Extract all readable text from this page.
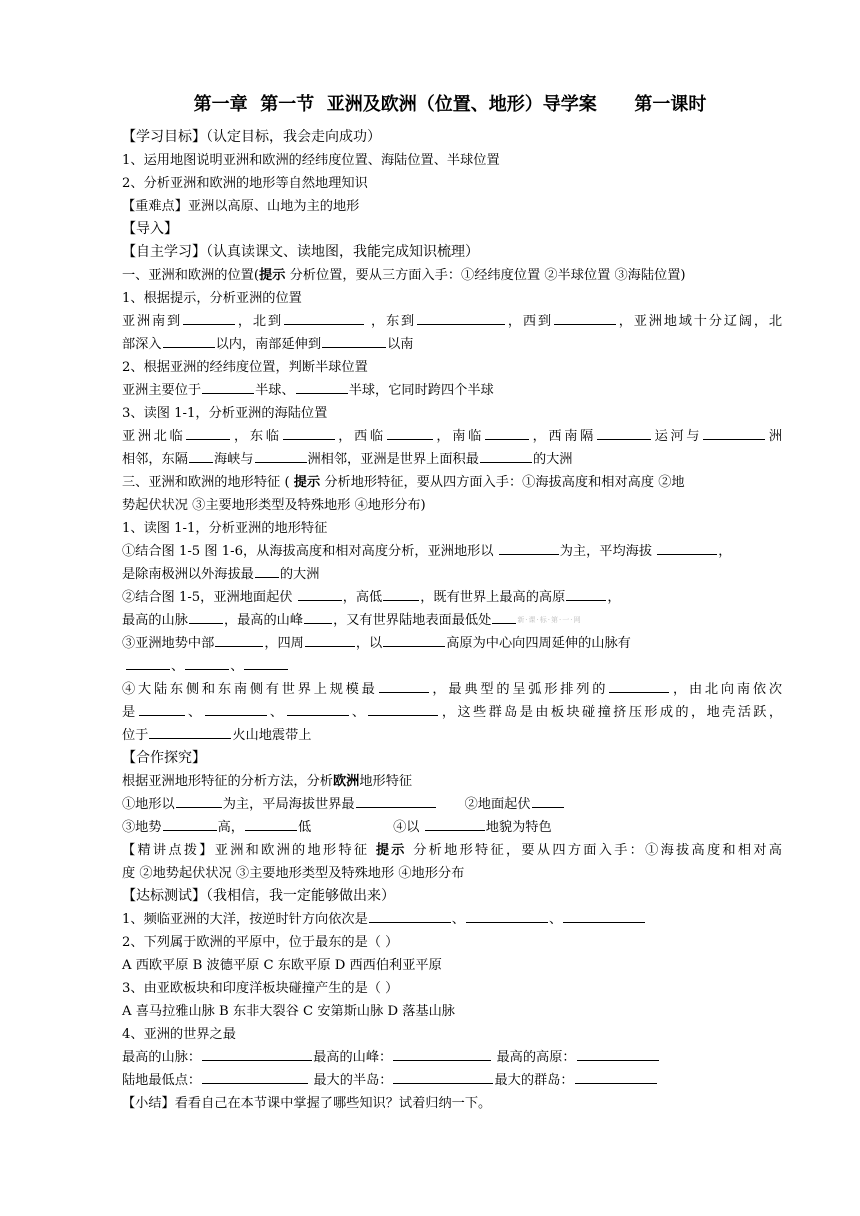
第一章  第一节  亚洲及欧洲（位置、地形）导学案      第一课时
【学习目标】（认定目标，我会走向成功）
1、运用地图说明亚洲和欧洲的经纬度位置、海陆位置、半球位置
2、分析亚洲和欧洲的地形等自然地理知识
【重难点】亚洲以高原、山地为主的地形
【导入】
【自主学习】（认真读课文、读地图，我能完成知识梳理）
一、亚洲和欧洲的位置(提示 分析位置，要从三方面入手：①经纬度位置 ②半球位置 ③海陆位置)
1、根据提示，分析亚洲的位置
亚洲南到	，北到	，东到	，西到	，亚洲地域十分辽阔，北
部深入	以内，南部延伸到	以南
2、根据亚洲的经纬度位置，判断半球位置
亚洲主要位于	半球、	半球，它同时跨四个半球
3、读图 1-1，分析亚洲的海陆位置
亚洲北临	，东临	，西临	，南临	，西南隔	运河与	洲
相邻，东隔 海峡与	洲相邻，亚洲是世界上面积最	的大洲
三、亚洲和欧洲的地形特征 ( 提示 分析地形特征，要从四方面入手：①海拔高度和相对高度 ②地
势起伏状况 ③主要地形类型及特殊地形 ④地形分布)
1、读图 1-1，分析亚洲的地形特征
①结合图 1-5 图 1-6，从海拔高度和相对高度分析，亚洲地形以	为主，平均海拔	，
是除南极洲以外海拔最 的大洲
②结合图 1-5，亚洲地面起伏	，高低	，既有世界上最高的高原	，
最高的山脉	，最高的山峰 ，又有世界陆地表面最低处	新·课·标·第·一·网
③亚洲地势中部	，四周	，以	高原为中心向四周延伸的山脉有
、	、
④大陆东侧和东南侧有世界上规模最	，最典型的呈弧形排列的	，由北向南依次
是	、	、	、	，这些群岛是由板块碰撞挤压形成的，地壳活跃，
位于	火山地震带上
【合作探究】
根据亚洲地形特征的分析方法，分析欧洲地形特征
①地形以	为主，平局海拔世界最	②地面起伏
③地势	高，	低	④以	地貌为特色
【精讲点拨】亚洲和欧洲的地形特征 提示 分析地形特征，要从四方面入手：①海拔高度和相对高
度 ②地势起伏状况 ③主要地形类型及特殊地形 ④地形分布
【达标测试】（我相信，我一定能够做出来）
1、频临亚洲的大洋，按逆时针方向依次是	、	、
2、下列属于欧洲的平原中，位于最东的是（ ）
A 西欧平原 B 波德平原 C 东欧平原 D 西西伯利亚平原
3、由亚欧板块和印度洋板块碰撞产生的是（ ）
A 喜马拉雅山脉 B 东非大裂谷 C 安第斯山脉 D 落基山脉
4、亚洲的世界之最
最高的山脉：	最高的山峰：	最高的高原：
陆地最低点：	最大的半岛：	最大的群岛：
【小结】看看自己在本节课中掌握了哪些知识？试着归纳一下。
